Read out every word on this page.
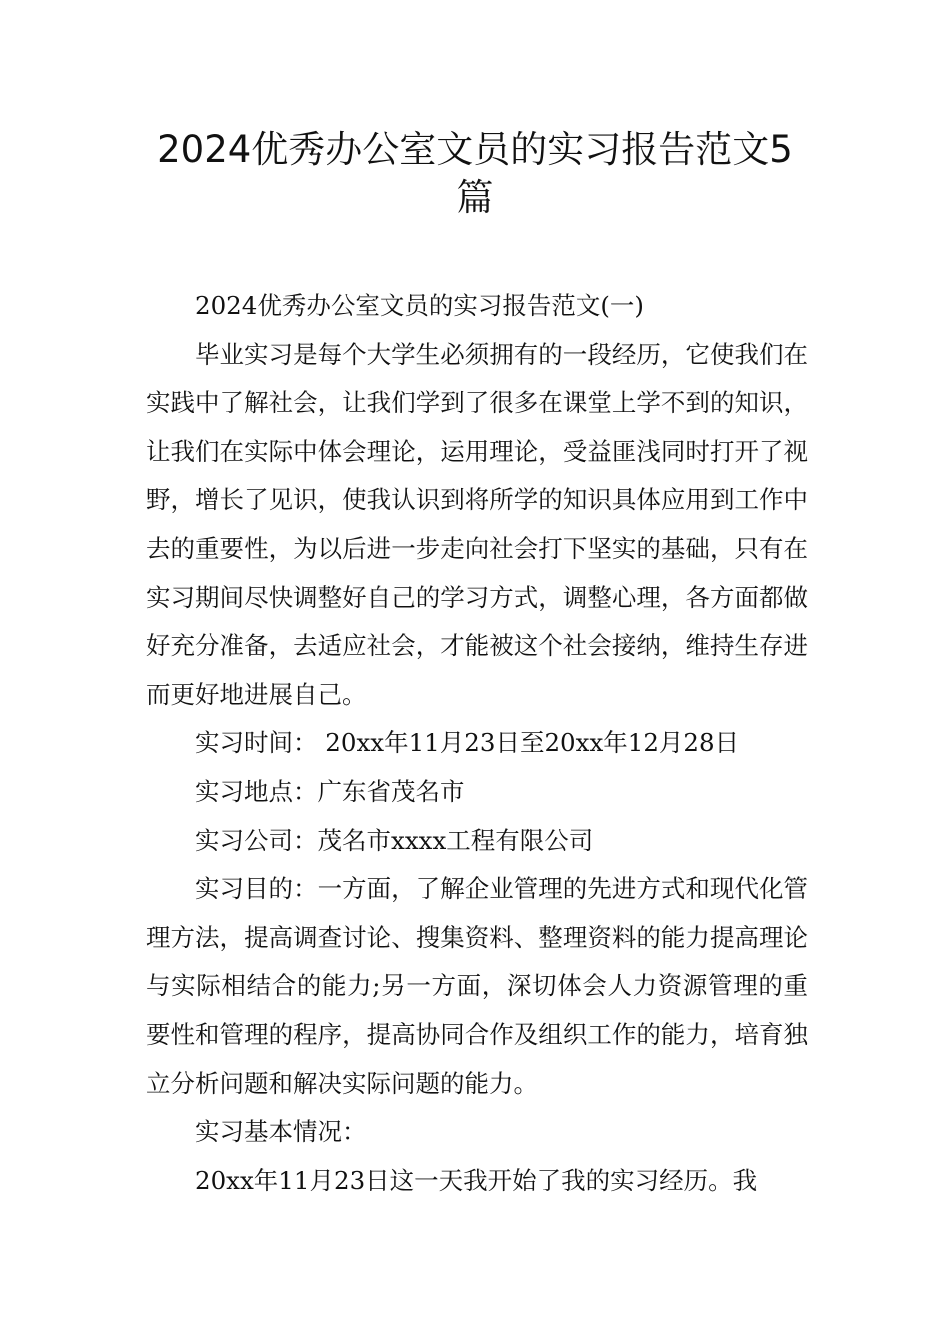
2024优秀办公室文员的实习报告范文5篇

2024优秀办公室文员的实习报告范文(一)

毕业实习是每个大学生必须拥有的一段经历，它使我们在实践中了解社会，让我们学到了很多在课堂上学不到的知识，让我们在实际中体会理论，运用理论，受益匪浅同时打开了视野，增长了见识，使我认识到将所学的知识具体应用到工作中去的重要性，为以后进一步走向社会打下坚实的基础，只有在实习期间尽快调整好自己的学习方式，调整心理，各方面都做好充分准备，去适应社会，才能被这个社会接纳，维持生存进而更好地进展自己。

实习时间： 20xx年11月23日至20xx年12月28日

实习地点：广东省茂名市

实习公司：茂名市xxxx工程有限公司

实习目的：一方面，了解企业管理的先进方式和现代化管理方法，提高调查讨论、搜集资料、整理资料的能力提高理论与实际相结合的能力;另一方面，深切体会人力资源管理的重要性和管理的程序，提高协同合作及组织工作的能力，培育独立分析问题和解决实际问题的能力。

实习基本情况：

20xx年11月23日这一天我开始了我的实习经历。我
